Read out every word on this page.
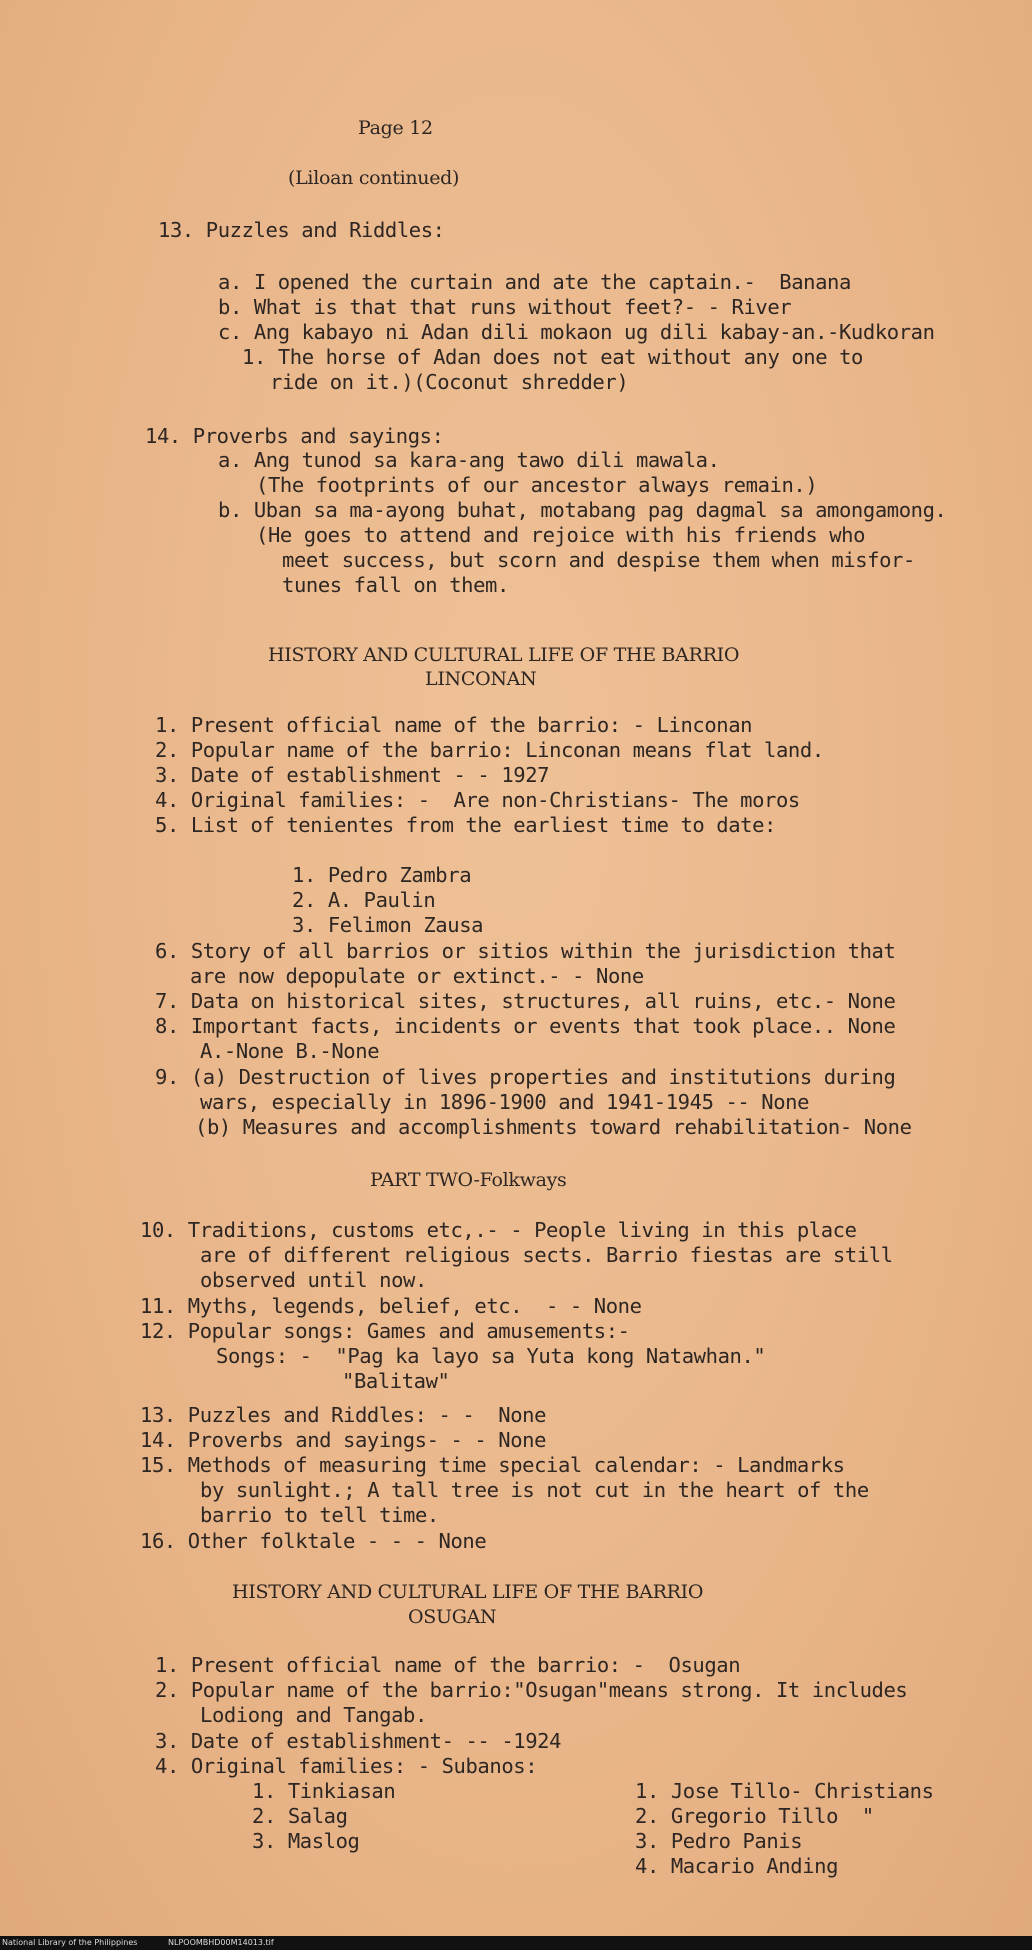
Page 12
(Liloan continued)
13. Puzzles and Riddles:
a. I opened the curtain and ate the captain.-  Banana
b. What is that that runs without feet?- - River
c. Ang kabayo ni Adan dili mokaon ug dili kabay-an.-Kudkoran
1. The horse of Adan does not eat without any one to
ride on it.)(Coconut shredder)
14. Proverbs and sayings:
a. Ang tunod sa kara-ang tawo dili mawala.
(The footprints of our ancestor always remain.)
b. Uban sa ma-ayong buhat, motabang pag dagmal sa amongamong.
(He goes to attend and rejoice with his friends who
meet success, but scorn and despise them when misfor-
tunes fall on them.
HISTORY AND CULTURAL LIFE OF THE BARRIO
LINCONAN
1. Present official name of the barrio: - Linconan
2. Popular name of the barrio: Linconan means flat land.
3. Date of establishment - - 1927
4. Original families: -  Are non-Christians- The moros
5. List of tenientes from the earliest time to date:
1. Pedro Zambra
2. A. Paulin
3. Felimon Zausa
6. Story of all barrios or sitios within the jurisdiction that
are now depopulate or extinct.- - None
7. Data on historical sites, structures, all ruins, etc.- None
8. Important facts, incidents or events that took place.. None
A.-None B.-None
9. (a) Destruction of lives properties and institutions during
wars, especially in 1896-1900 and 1941-1945 -- None
(b) Measures and accomplishments toward rehabilitation- None
PART TWO-Folkways
10. Traditions, customs etc,.- - People living in this place
are of different religious sects. Barrio fiestas are still
observed until now.
11. Myths, legends, belief, etc.  - - None
12. Popular songs: Games and amusements:-
Songs: -  "Pag ka layo sa Yuta kong Natawhan."
"Balitaw"
13. Puzzles and Riddles: - -  None
14. Proverbs and sayings- - - None
15. Methods of measuring time special calendar: - Landmarks
by sunlight.; A tall tree is not cut in the heart of the
barrio to tell time.
16. Other folktale - - - None
HISTORY AND CULTURAL LIFE OF THE BARRIO
OSUGAN
1. Present official name of the barrio: -  Osugan
2. Popular name of the barrio:"Osugan"means strong. It includes
Lodiong and Tangab.
3. Date of establishment- -- -1924
4. Original families: - Subanos:
1. Tinkiasan
2. Salag
3. Maslog
1. Jose Tillo- Christians
2. Gregorio Tillo  "
3. Pedro Panis
4. Macario Anding
National Library of the Philippines	NLPOOMBHD00M14013.tif
